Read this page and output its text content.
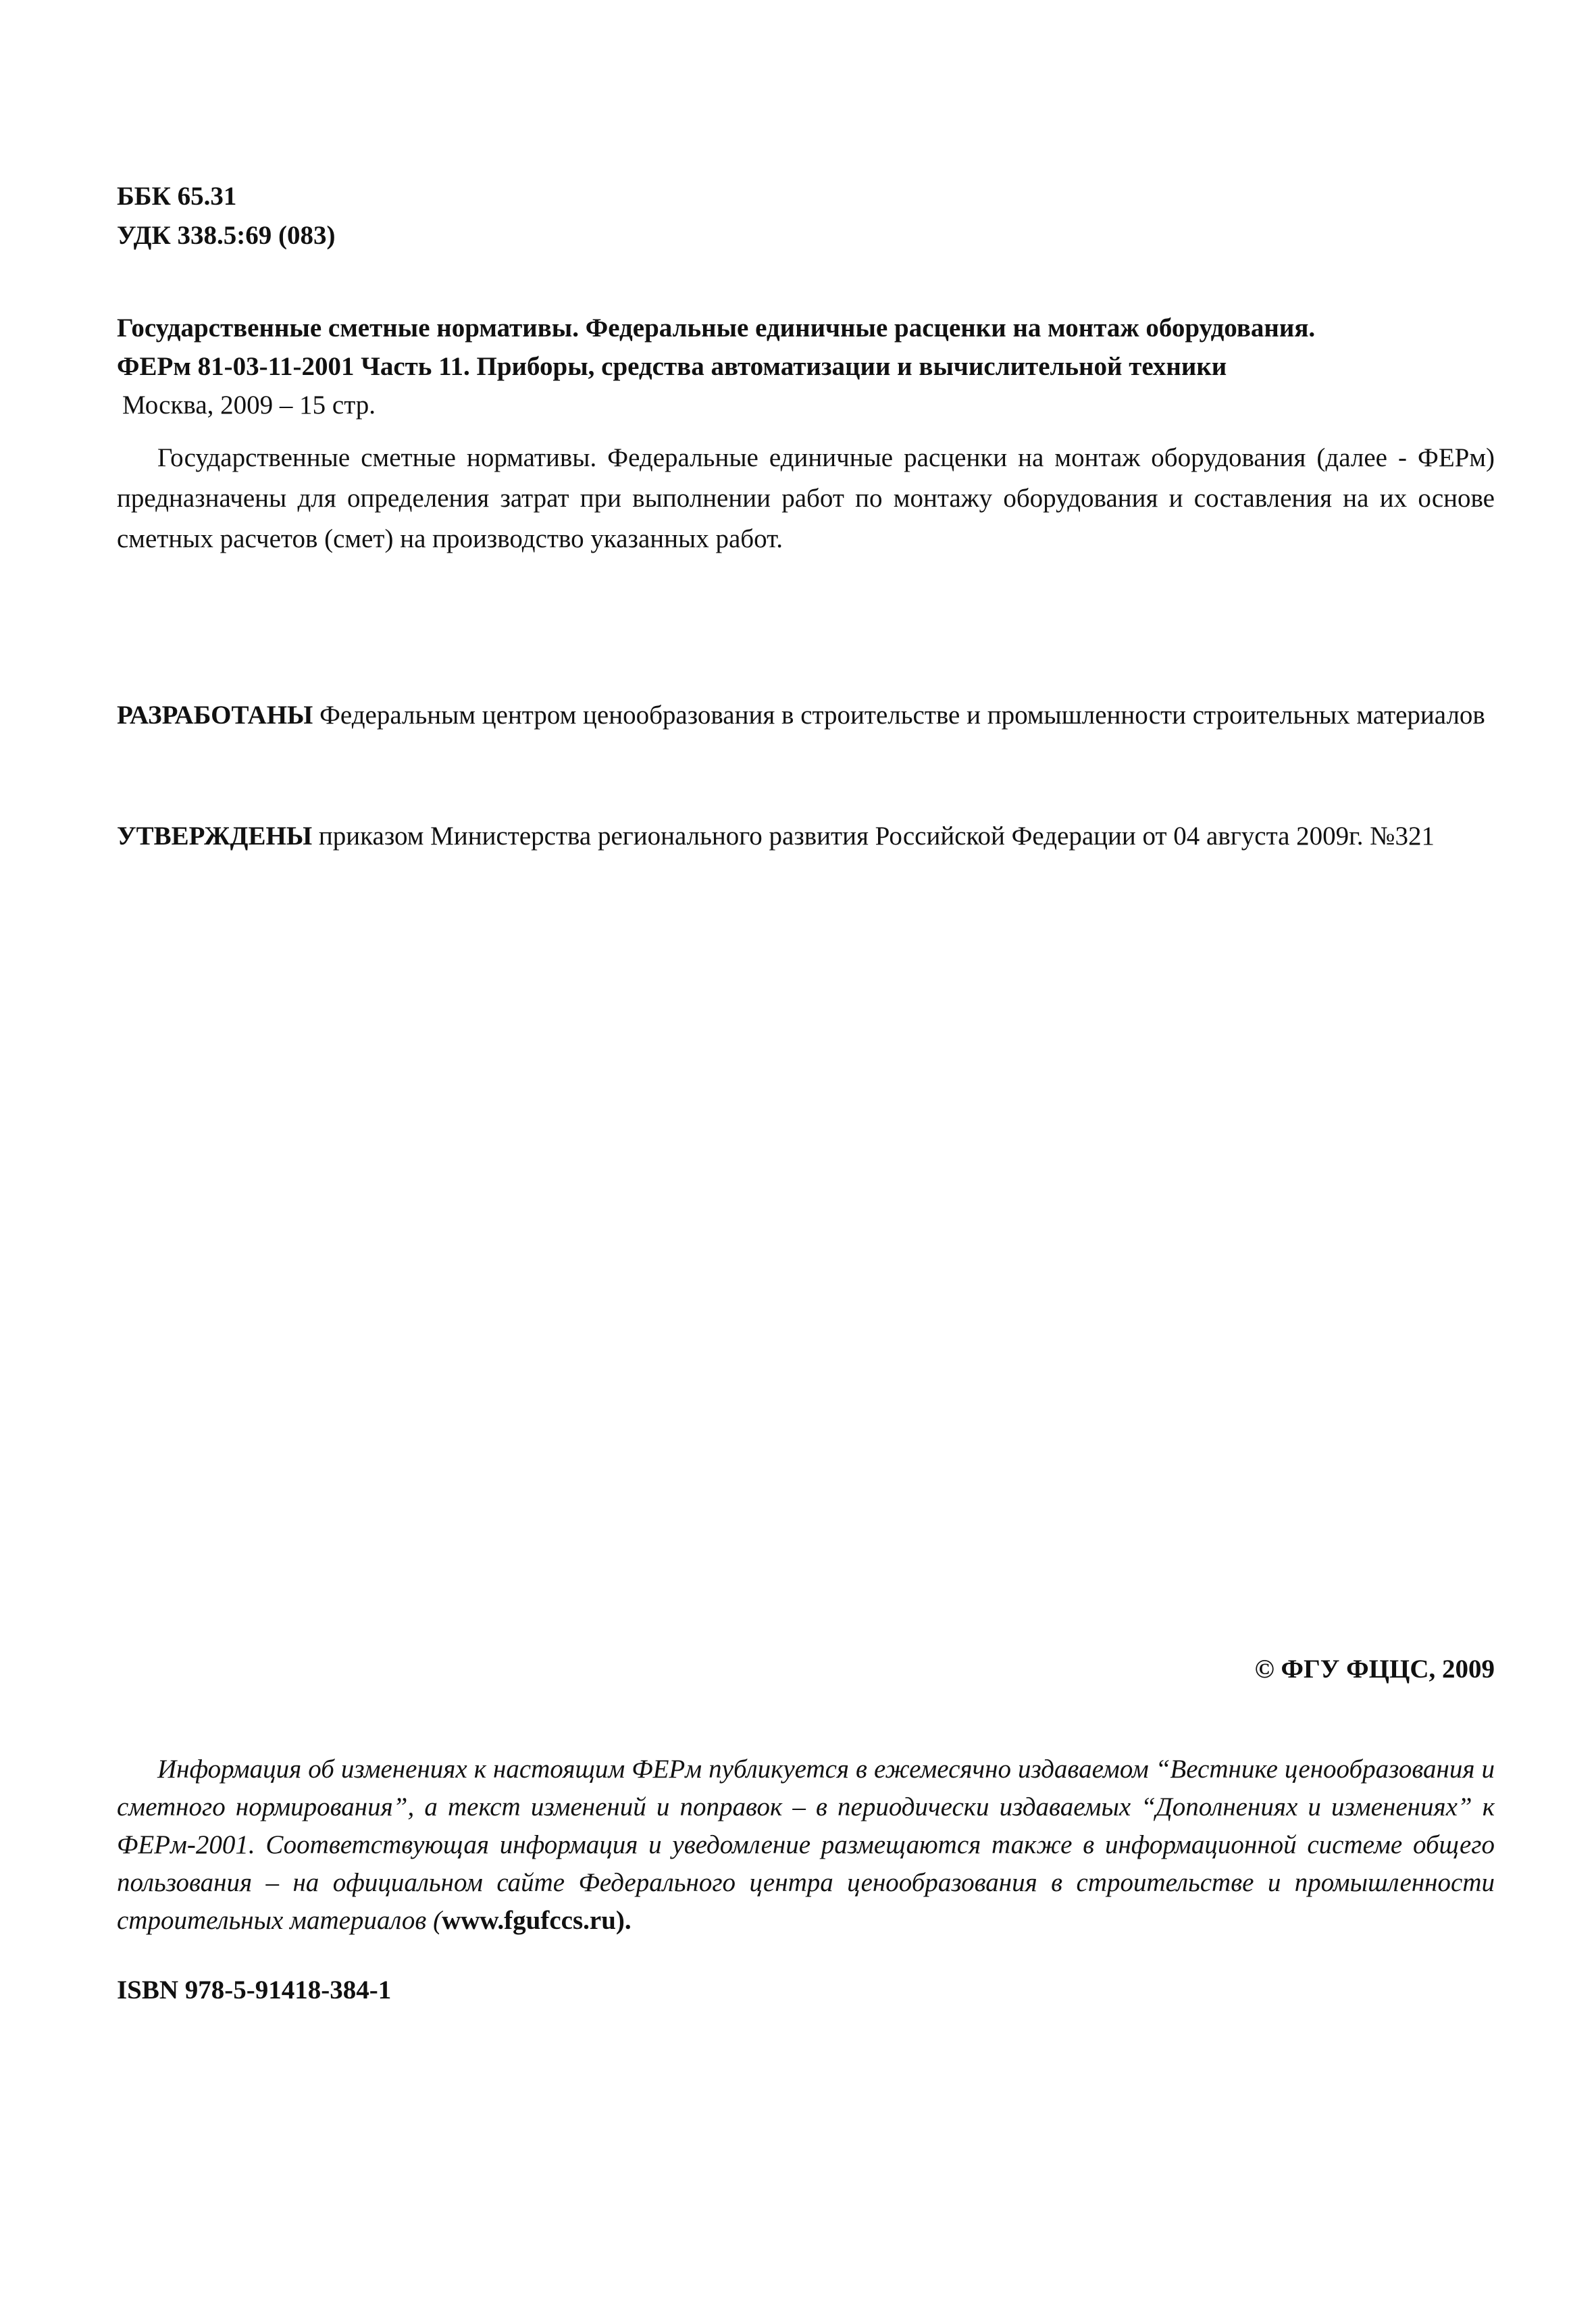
ББК 65.31
УДК 338.5:69 (083)
Государственные сметные нормативы. Федеральные единичные расценки на монтаж оборудования.
ФЕРм 81-03-11-2001 Часть 11. Приборы, средства автоматизации и вычислительной техники
Москва, 2009 – 15 стр.
Государственные сметные нормативы. Федеральные единичные расценки на монтаж оборудования (далее - ФЕРм) предназначены для определения затрат при выполнении работ по монтажу оборудования и составления на их основе сметных расчетов (смет) на производство указанных работ.
РАЗРАБОТАНЫ Федеральным центром ценообразования в строительстве и промышленности строительных материалов
УТВЕРЖДЕНЫ приказом Министерства регионального развития Российской Федерации от 04 августа 2009г. №321
© ФГУ ФЦЦС, 2009
Информация об изменениях к настоящим ФЕРм публикуется в ежемесячно издаваемом “Вестнике ценообразования и сметного нормирования”, а текст изменений и поправок – в периодически издаваемых “Дополнениях и изменениях” к ФЕРм-2001. Соответствующая информация и уведомление размещаются также в информационной системе общего пользования – на официальном сайте Федерального центра ценообразования в строительстве и промышленности строительных материалов (www.fgufccs.ru).
ISBN 978-5-91418-384-1
